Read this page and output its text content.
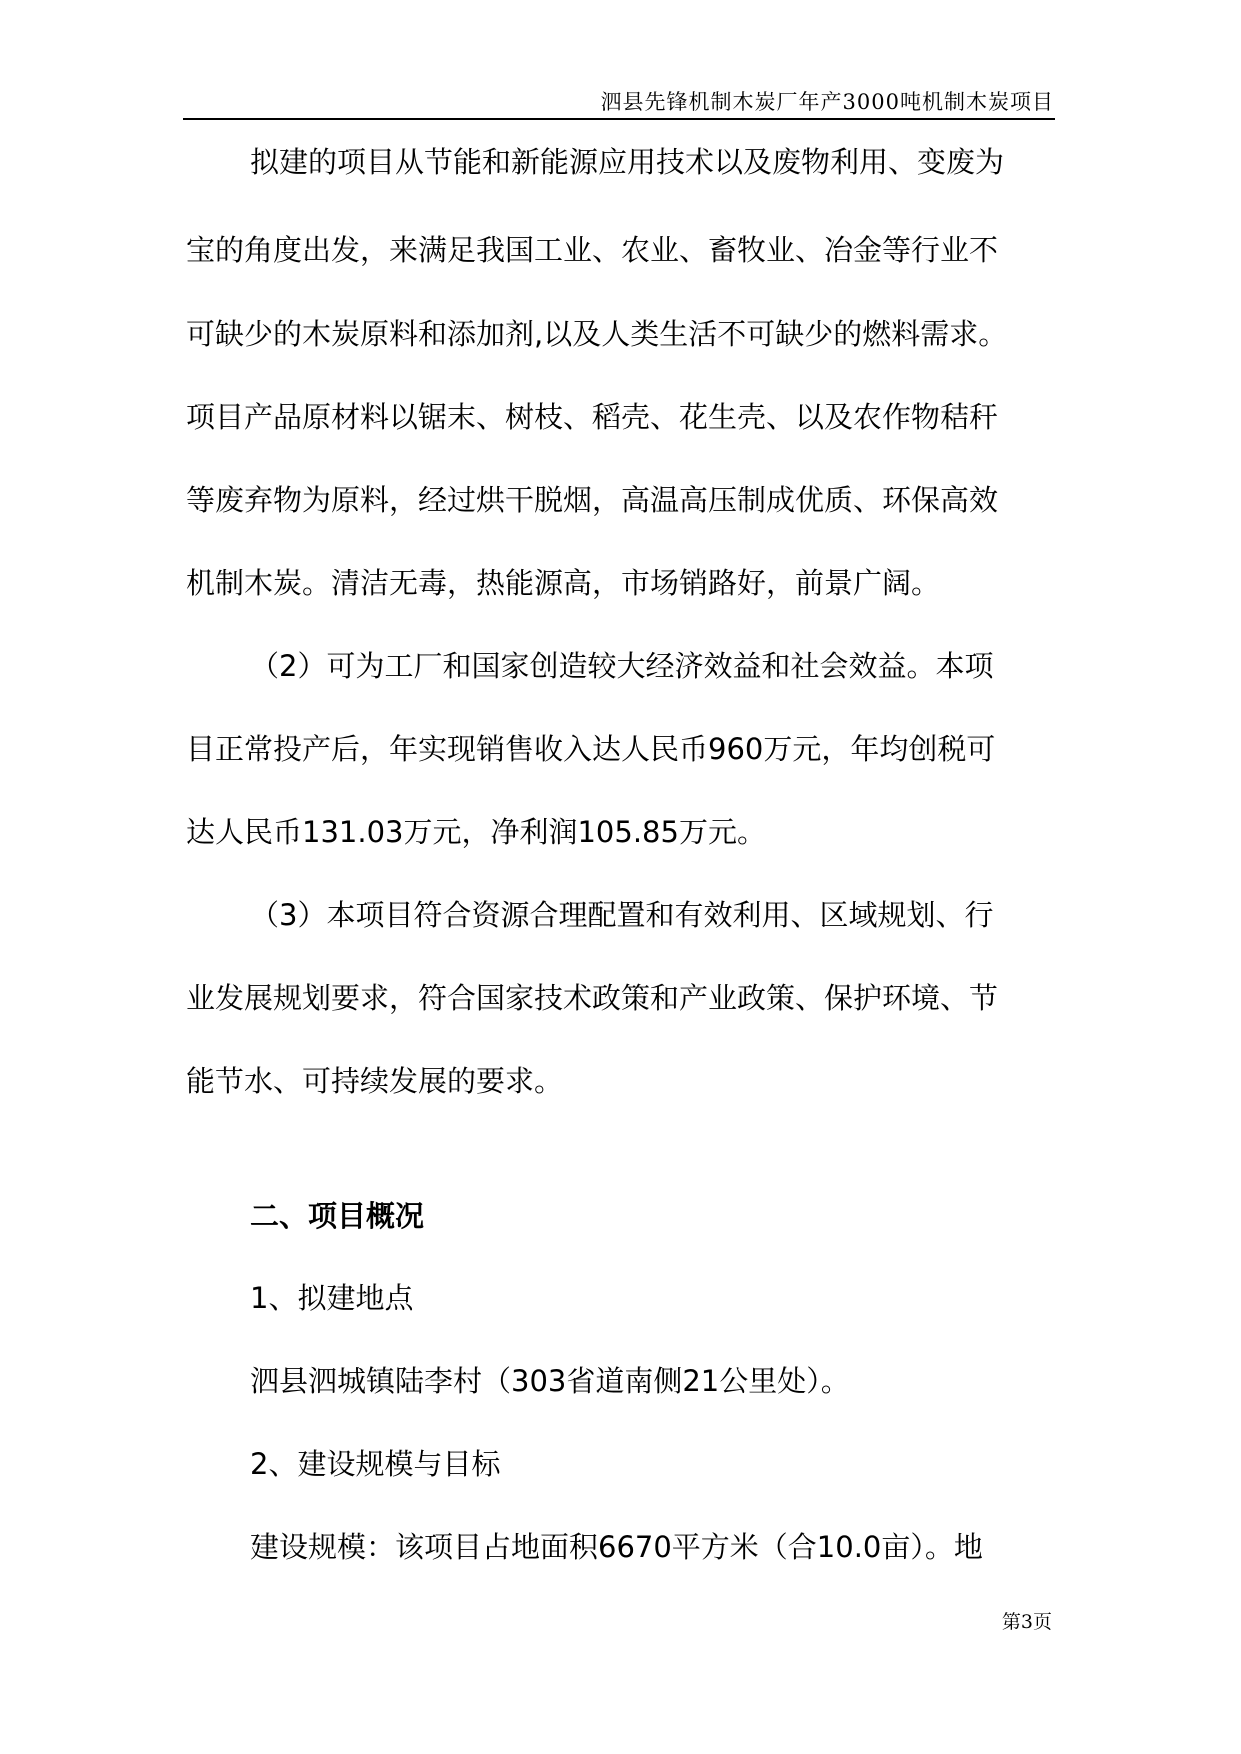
泗县先锋机制木炭厂年产3000吨机制木炭项目
拟建的项目从节能和新能源应用技术以及废物利用、变废为
宝的角度出发，来满足我国工业、农业、畜牧业、冶金等行业不
可缺少的木炭原料和添加剂,以及人类生活不可缺少的燃料需求。
项目产品原材料以锯末、树枝、稻壳、花生壳、以及农作物秸秆
等废弃物为原料，经过烘干脱烟，高温高压制成优质、环保高效
机制木炭。清洁无毒，热能源高，市场销路好，前景广阔。
（2）可为工厂和国家创造较大经济效益和社会效益。本项
目正常投产后，年实现销售收入达人民币960万元，年均创税可
达人民币131.03万元，净利润105.85万元。
（3）本项目符合资源合理配置和有效利用、区域规划、行
业发展规划要求，符合国家技术政策和产业政策、保护环境、节
能节水、可持续发展的要求。
二、项目概况
1、拟建地点
泗县泗城镇陆李村（303省道南侧21公里处）。
2、建设规模与目标
建设规模：该项目占地面积6670平方米（合10.0亩）。地
第3页
